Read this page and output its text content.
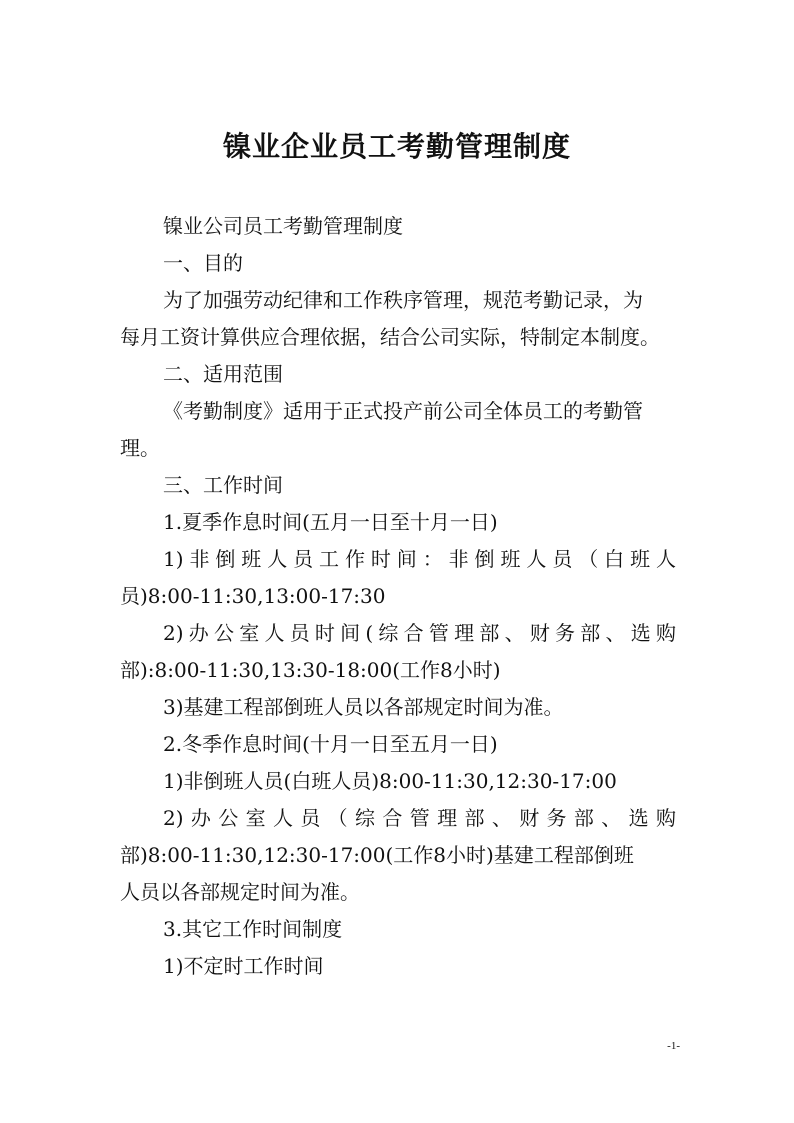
镍业企业员工考勤管理制度
镍业公司员工考勤管理制度
一、目的
为了加强劳动纪律和工作秩序管理，规范考勤记录，为
每月工资计算供应合理依据，结合公司实际，特制定本制度。
二、适用范围
《考勤制度》适用于正式投产前公司全体员工的考勤管
理。
三、工作时间
1.夏季作息时间(五月一日至十月一日)
1)非倒班人员工作时间：非倒班人员（白班人
员)8:00-11:30,13:00-17:30
2)办公室人员时间(综合管理部、财务部、选购
部):8:00-11:30,13:30-18:00(工作8小时)
3)基建工程部倒班人员以各部规定时间为准。
2.冬季作息时间(十月一日至五月一日)
1)非倒班人员(白班人员)8:00-11:30,12:30-17:00
2)办公室人员（综合管理部、财务部、选购
部)8:00-11:30,12:30-17:00(工作8小时)基建工程部倒班
人员以各部规定时间为准。
3.其它工作时间制度
1)不定时工作时间
-1-
